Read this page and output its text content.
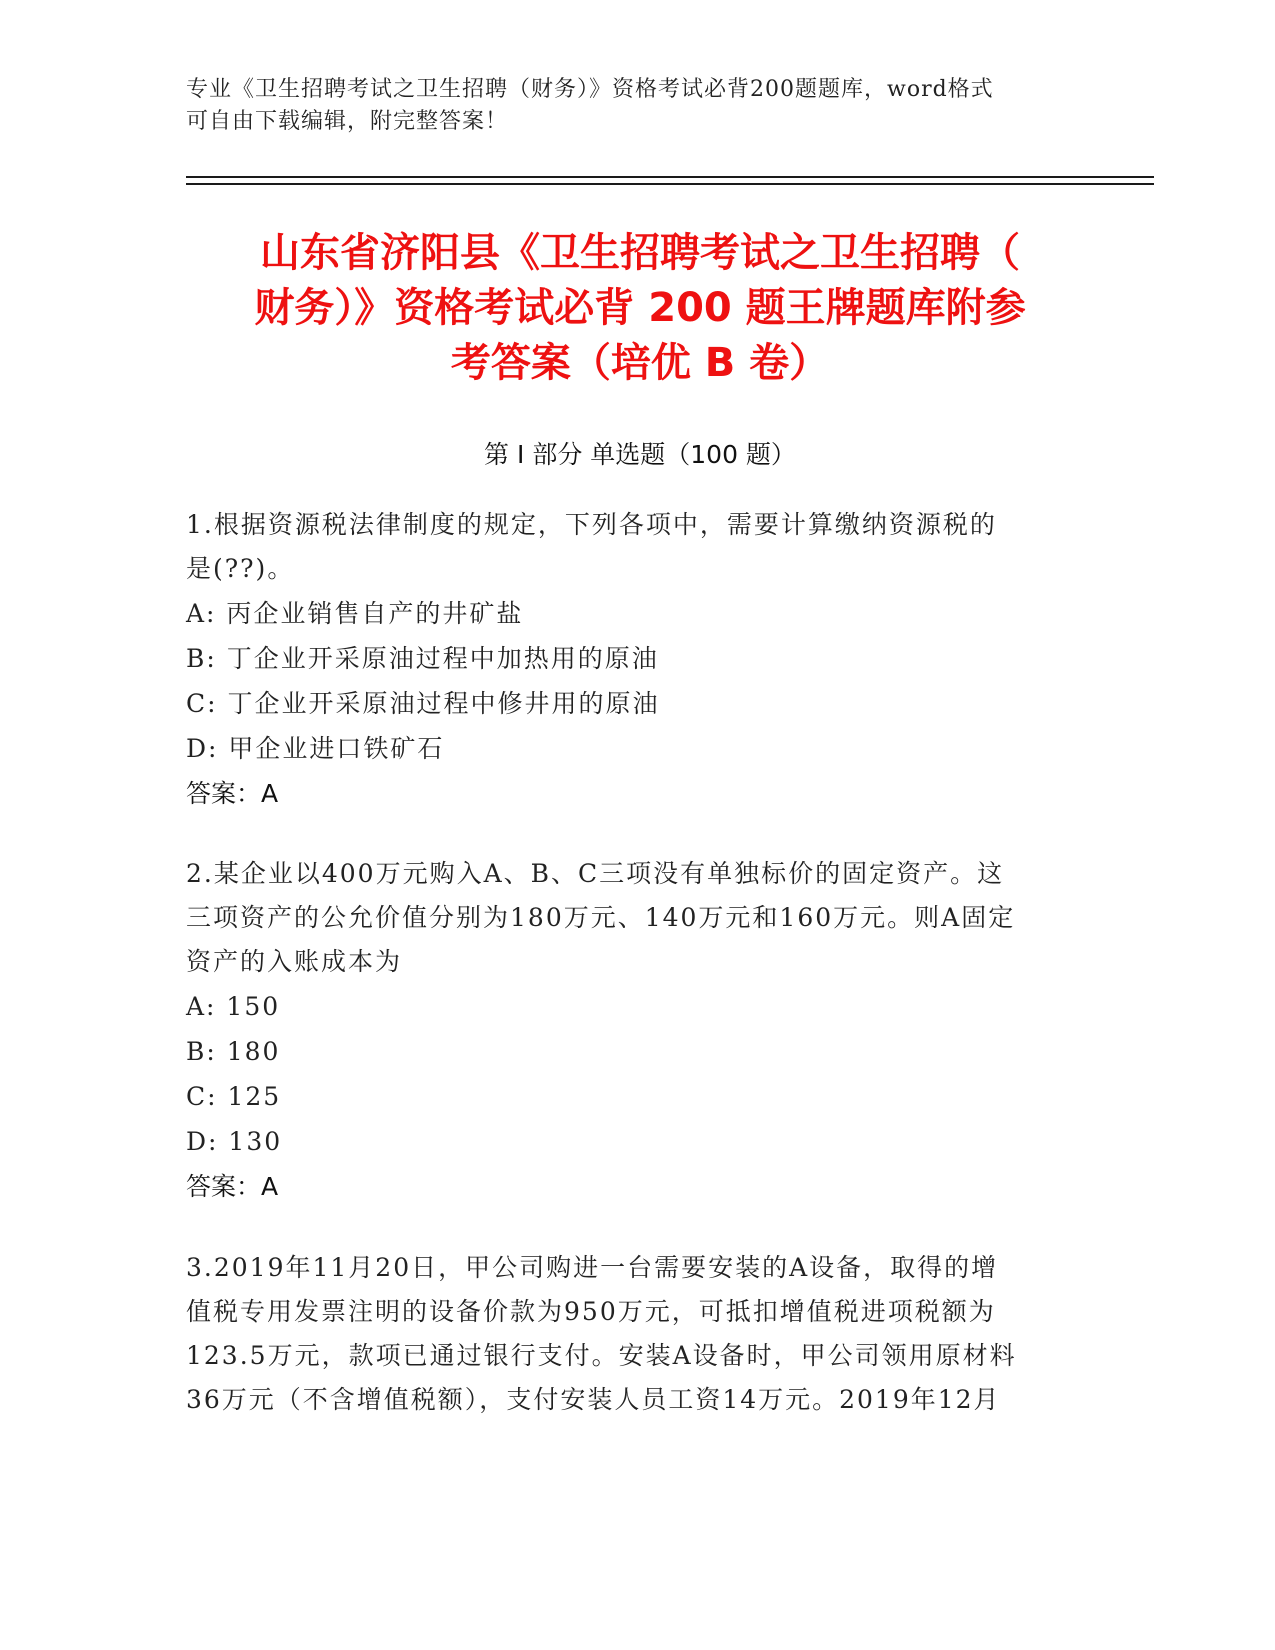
专业《卫生招聘考试之卫生招聘（财务）》资格考试必背200题题库，word格式
可自由下载编辑，附完整答案！
山东省济阳县《卫生招聘考试之卫生招聘（
财务）》资格考试必背 200 题王牌题库附参
考答案（培优 B 卷）
第 I 部分 单选题（100 题）
1.根据资源税法律制度的规定，下列各项中，需要计算缴纳资源税的
是(??)。
A: 丙企业销售自产的井矿盐
B: 丁企业开采原油过程中加热用的原油
C: 丁企业开采原油过程中修井用的原油
D: 甲企业进口铁矿石
答案：A
2.某企业以400万元购入A、B、C三项没有单独标价的固定资产。这
三项资产的公允价值分别为180万元、140万元和160万元。则A固定
资产的入账成本为
A: 150
B: 180
C: 125
D: 130
答案：A
3.2019年11月20日，甲公司购进一台需要安装的A设备，取得的增
值税专用发票注明的设备价款为950万元，可抵扣增值税进项税额为
123.5万元，款项已通过银行支付。安装A设备时，甲公司领用原材料
36万元（不含增值税额），支付安装人员工资14万元。2019年12月
